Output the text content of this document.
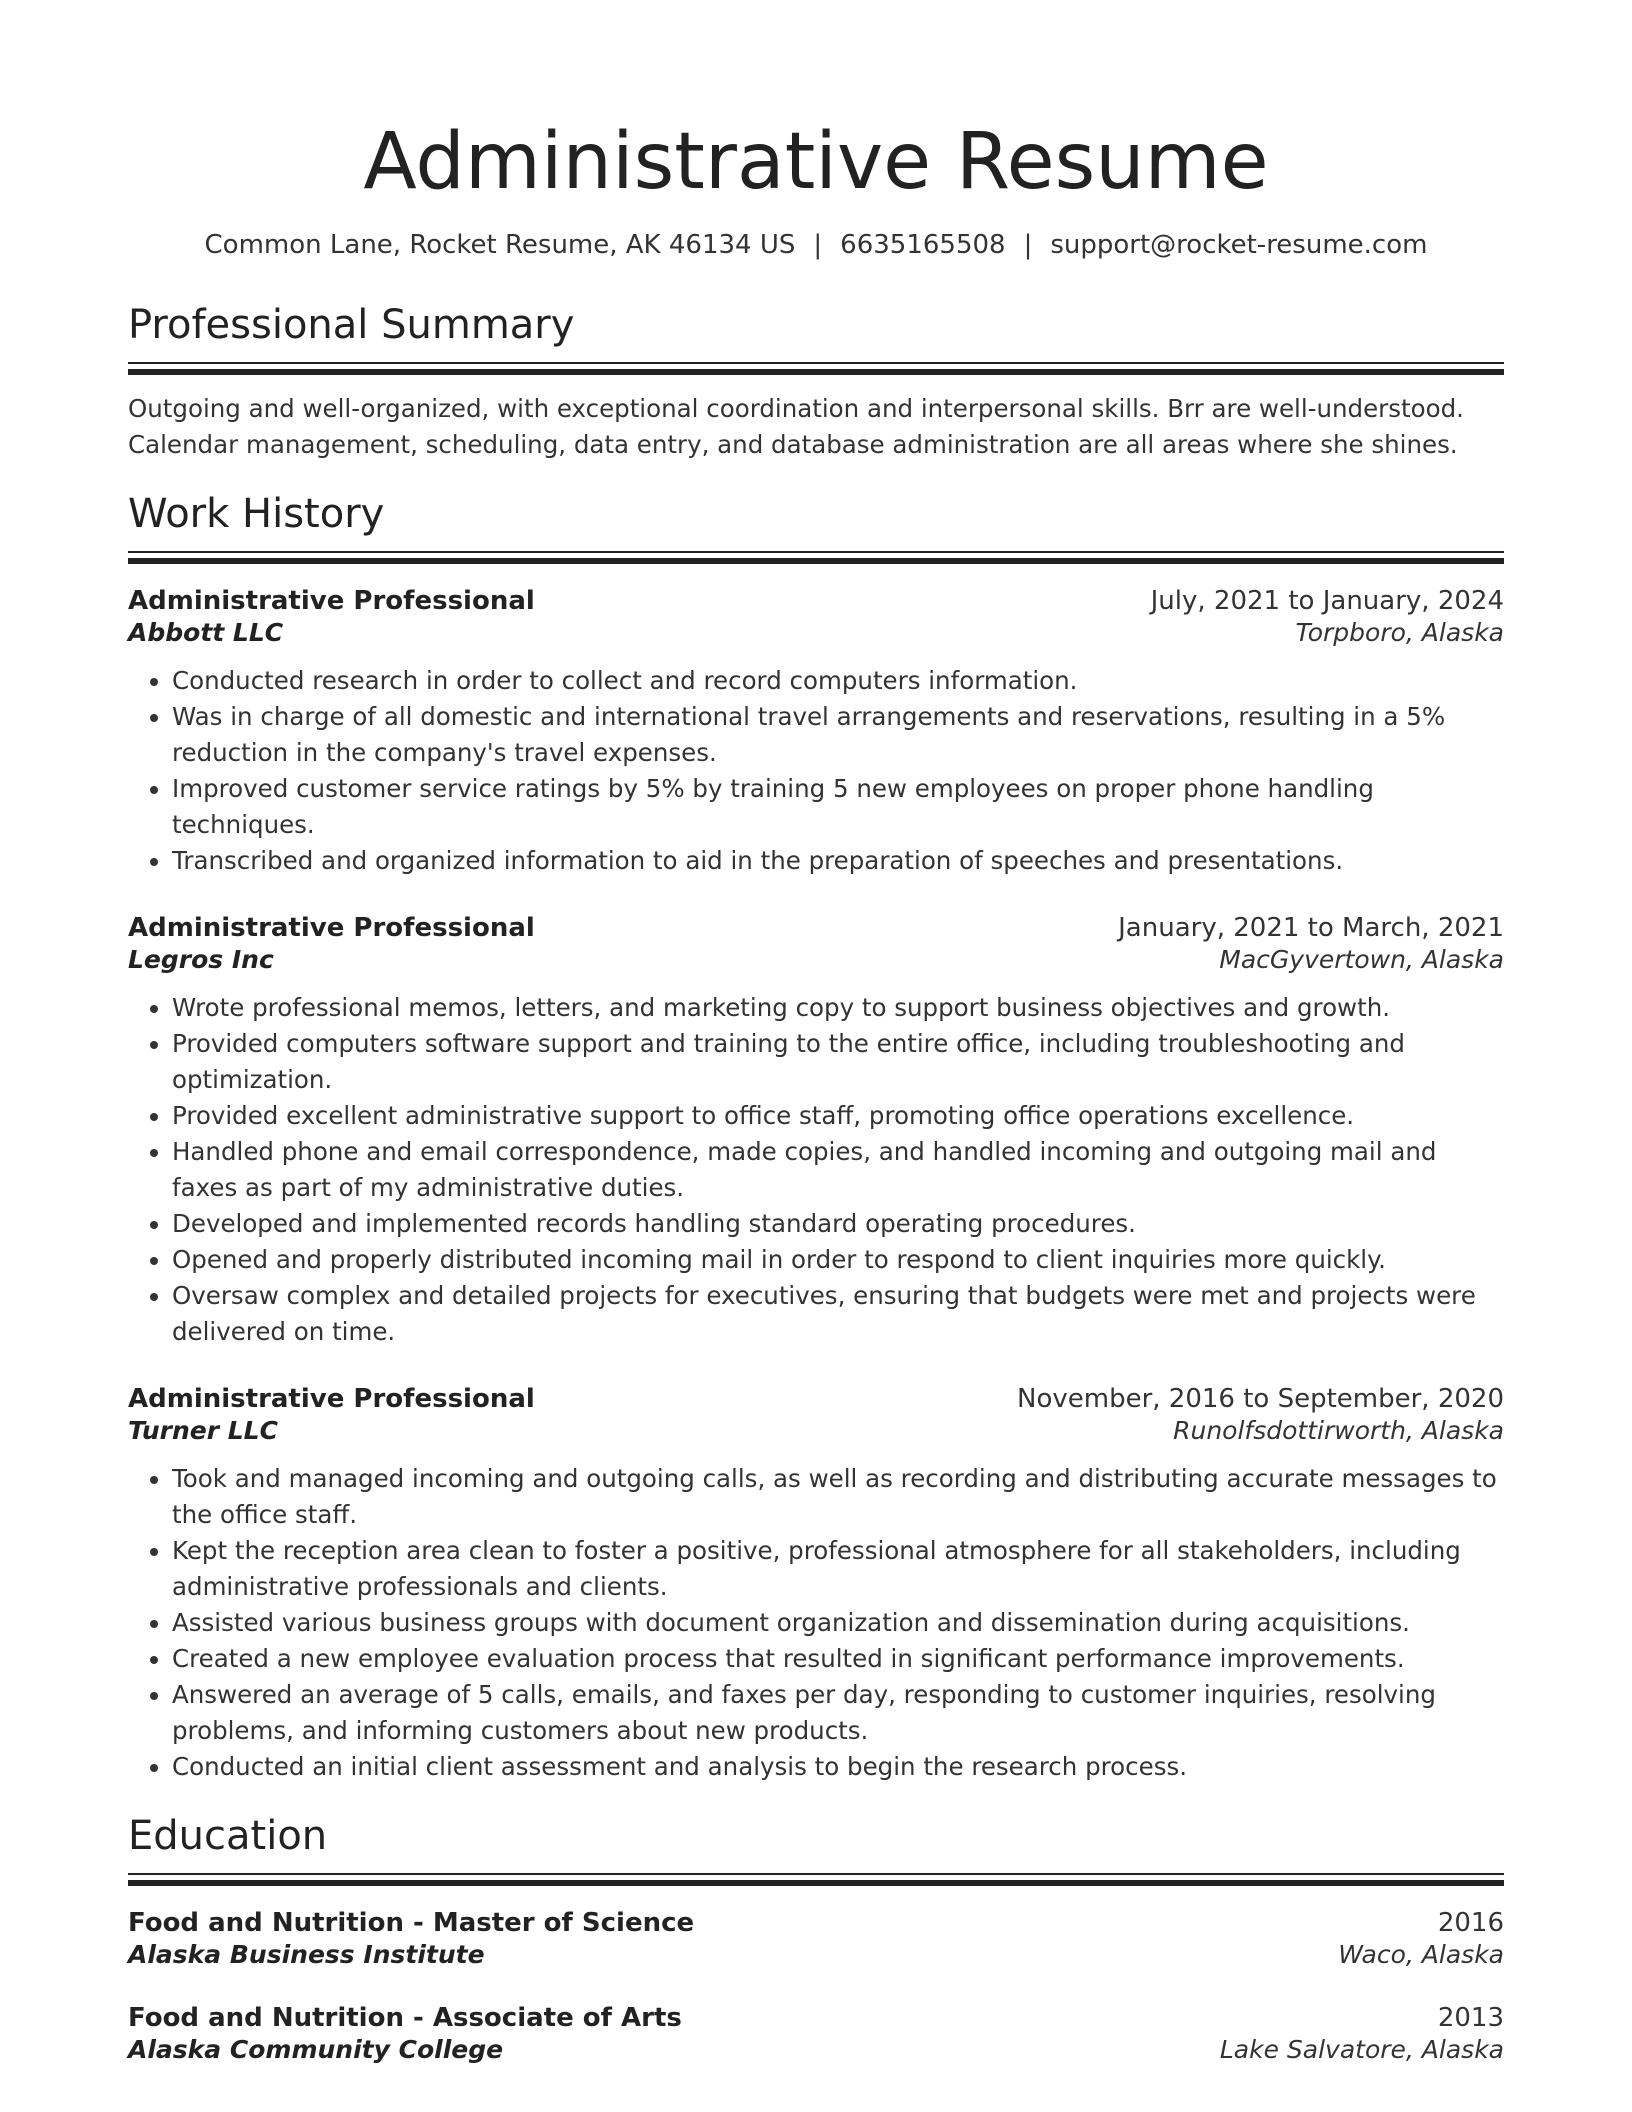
Administrative Resume
Common Lane, Rocket Resume, AK 46134 US | 6635165508 | support@rocket-resume.com
Professional Summary

Outgoing and well-organized, with exceptional coordination and interpersonal skills. Brr are well-understood. Calendar management, scheduling, data entry, and database administration are all areas where she shines.

Work History
Administrative Professional	July, 2021 to January, 2024
Abbott LLC	Torpboro, Alaska
• Conducted research in order to collect and record computers information.
• Was in charge of all domestic and international travel arrangements and reservations, resulting in a 5% reduction in the company's travel expenses.
• Improved customer service ratings by 5% by training 5 new employees on proper phone handling techniques.
• Transcribed and organized information to aid in the preparation of speeches and presentations.
Administrative Professional	January, 2021 to March, 2021
Legros Inc	MacGyvertown, Alaska
• Wrote professional memos, letters, and marketing copy to support business objectives and growth.
• Provided computers software support and training to the entire office, including troubleshooting and optimization.
• Provided excellent administrative support to office staff, promoting office operations excellence.
• Handled phone and email correspondence, made copies, and handled incoming and outgoing mail and faxes as part of my administrative duties.
• Developed and implemented records handling standard operating procedures.
• Opened and properly distributed incoming mail in order to respond to client inquiries more quickly.
• Oversaw complex and detailed projects for executives, ensuring that budgets were met and projects were delivered on time.
Administrative Professional	November, 2016 to September, 2020
Turner LLC	Runolfsdottirworth, Alaska
• Took and managed incoming and outgoing calls, as well as recording and distributing accurate messages to the office staff.
• Kept the reception area clean to foster a positive, professional atmosphere for all stakeholders, including administrative professionals and clients.
• Assisted various business groups with document organization and dissemination during acquisitions.
• Created a new employee evaluation process that resulted in significant performance improvements.
• Answered an average of 5 calls, emails, and faxes per day, responding to customer inquiries, resolving problems, and informing customers about new products.
• Conducted an initial client assessment and analysis to begin the research process.
Education
Food and Nutrition - Master of Science	2016
Alaska Business Institute	Waco, Alaska
Food and Nutrition - Associate of Arts	2013
Alaska Community College	Lake Salvatore, Alaska
